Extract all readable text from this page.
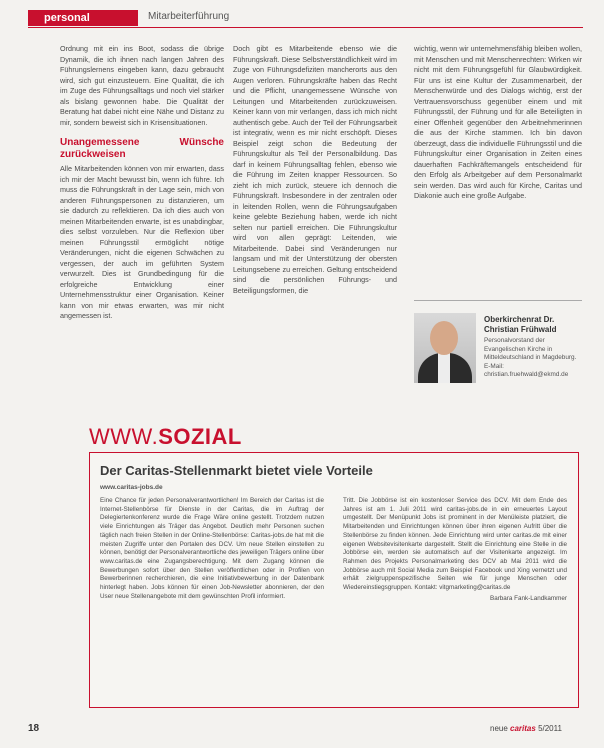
personal	Mitarbeiterführung

Ordnung mit ein ins Boot, sodass die übrige Dynamik, die ich ihnen nach langen Jahren des Führungslernens eingeben kann, dazu gebraucht wird, sich gut einzusteuern. Eine Qualität, die ich im Zuge des Führungsalltags und noch viel stärker als bislang gewonnen habe. Die Qualität der Beratung hat dabei nicht eine Nähe und Distanz zu mir, sondern beweist sich in Krisensituationen.

Unangemessene Wünsche zurückweisen

Alle Mitarbeitenden können von mir erwarten, dass ich mir der Macht bewusst bin, wenn ich führe. Ich muss die Führungskraft in der Lage sein, mich von anderen Führungspersonen zu distanzieren, um sie dadurch zu reflektieren. Da ich dies auch von meinen Mitarbeitenden erwarte, ist es unabdingbar, dies selbst vorzuleben. Nur die Reflexion über meinen Führungsstil ermöglicht nötige Veränderungen, nicht die eigenen Schwächen zu vergessen, der auch im geführten System verwurzelt. Dies ist Grundbedingung für die erfolgreiche Entwicklung einer Unternehmensstruktur einer Organisation. Keiner kann von mir etwas erwarten, was mir nicht angemessen ist.

Doch gibt es Mitarbeitende ebenso wie die Führungskraft. Diese Selbstverständlichkeit wird im Zuge von Führungsdefiziten mancherorts aus den Augen verloren. Führungskräfte haben das Recht und die Pflicht, unangemessene Wünsche von Leitungen und Mitarbeitenden zurückzuweisen. Keiner kann von mir verlangen, dass ich mich nicht authentisch gebe. Auch der Teil der Führungsarbeit ist integrativ, wenn es mir nicht erschöpft. Dieses Beispiel zeigt schon die Bedeutung der Führungskultur als Teil der Personalbildung. Das darf in keinem Führungsalltag fehlen, ebenso wie die Führung im Zeiten knapper Ressourcen. So zieht ich mich zurück, steuere ich dennoch die Führungskraft. Insbesondere in der zentralen oder in leitenden Rollen, wenn die Führungsaufgaben keine gelebte Beziehung haben, werde ich nicht selten nur partiell erreichen. Die Führungskultur wird von allen geprägt: Leitenden, wie Mitarbeitende. Dabei sind Veränderungen nur langsam und mit der Unterstützung der obersten Leitungsebene zu erreichen. Geltung entscheidend sind die persönlichen Führungs- und Beteiligungsformen, die

wichtig, wenn wir unternehmensfähig bleiben wollen, mit Menschen und mit Menschenrechten: Wirken wir nicht mit dem Führungsgefühl für Glaubwürdigkeit. Für uns ist eine Kultur der Zusammenarbeit, der Menschenwürde und des Dialogs wichtig, erst der Vertrauensvorschuss gegenüber einem und mit Führungsstil, der Führung und für alle Beteiligten in einer Offenheit gegenüber den Arbeitnehmerinnen die aus der Kirche stammen. Ich bin davon überzeugt, dass die individuelle Führungsstil und die Führungskultur einer Organisation in Zeiten eines dauerhaften Fachkräftemangels entscheidend für den Erfolg als Arbeitgeber auf dem Personalmarkt sein werden. Das wird auch für Kirche, Caritas und Diakonie auch eine große Aufgabe.

Oberkirchenrat Dr. Christian Frühwald
Personalvorstand der Evangelischen Kirche in Mitteldeutschland in Magdeburg. E-Mail: christian.fruehwald@ekmd.de
WWW.SOZIAL
Der Caritas-Stellenmarkt bietet viele Vorteile
www.caritas-jobs.de

Eine Chance für jeden Personalverantwortlichen! Im Bereich der Caritas ist die Internet-Stellenbörse für Dienste in der Caritas, die im Auftrag der Delegiertenkonferenz wurde die Frage Wäre online gestellt. Trotzdem nutzen viele Einrichtungen als Träger das Angebot. Deutlich mehr Personen suchen täglich nach freien Stellen in der Online-Stellenbörse: Caritas-jobs.de hat mit die meisten Zugriffe unter den Portalen des DCV. Um neue Stellen einstellen zu können, benötigt der Personalverantwortliche des jeweiligen Trägers online über www.caritas.de eine Zugangsberechtigung. Mit dem Zugang können die Bewerbungen sofort über den Stellen veröffentlichen oder in Profilen von Bewerberinnen recherchieren, die eine Initiativbewerbung in der Datenbank hinterlegt haben. Jobs können für einen Job-Newsletter abonnieren, der den User neue Stellenangebote mit dem gewünschten Profil informiert.

Tritt. Die Jobbörse ist ein kostenloser Service des DCV. Mit dem Ende des Jahres ist am 1. Juli 2011 wird caritas-jobs.de in ein erneuertes Layout umgestellt. Der Menüpunkt Jobs ist prominent in der Menüleiste platziert, die Mitarbeitenden und Einrichtungen können über ihren eigenen Aufritt über die Stellenbörse zu finden können. Jede Einrichtung wird unter caritas.de mit einer eigenen Websitevisitenkarte dargestellt. Stellt die Einrichtung eine Stelle in die Jobbörse ein, werden sie automatisch auf der Visitenkarte angezeigt. Im Rahmen des Projekts Personalmarketing des DCV ab Mai 2011 wird die Jobbörse auch mit Social Media zum Beispiel Facebook und Xing vernetzt und erhält zielgruppenspezifische Seiten wie für junge Menschen oder Wiedereinstiegsgruppen. Kontakt: vitgmarketing@caritas.de

Barbara Fank-Landkammer

18	neue caritas 5/2011
